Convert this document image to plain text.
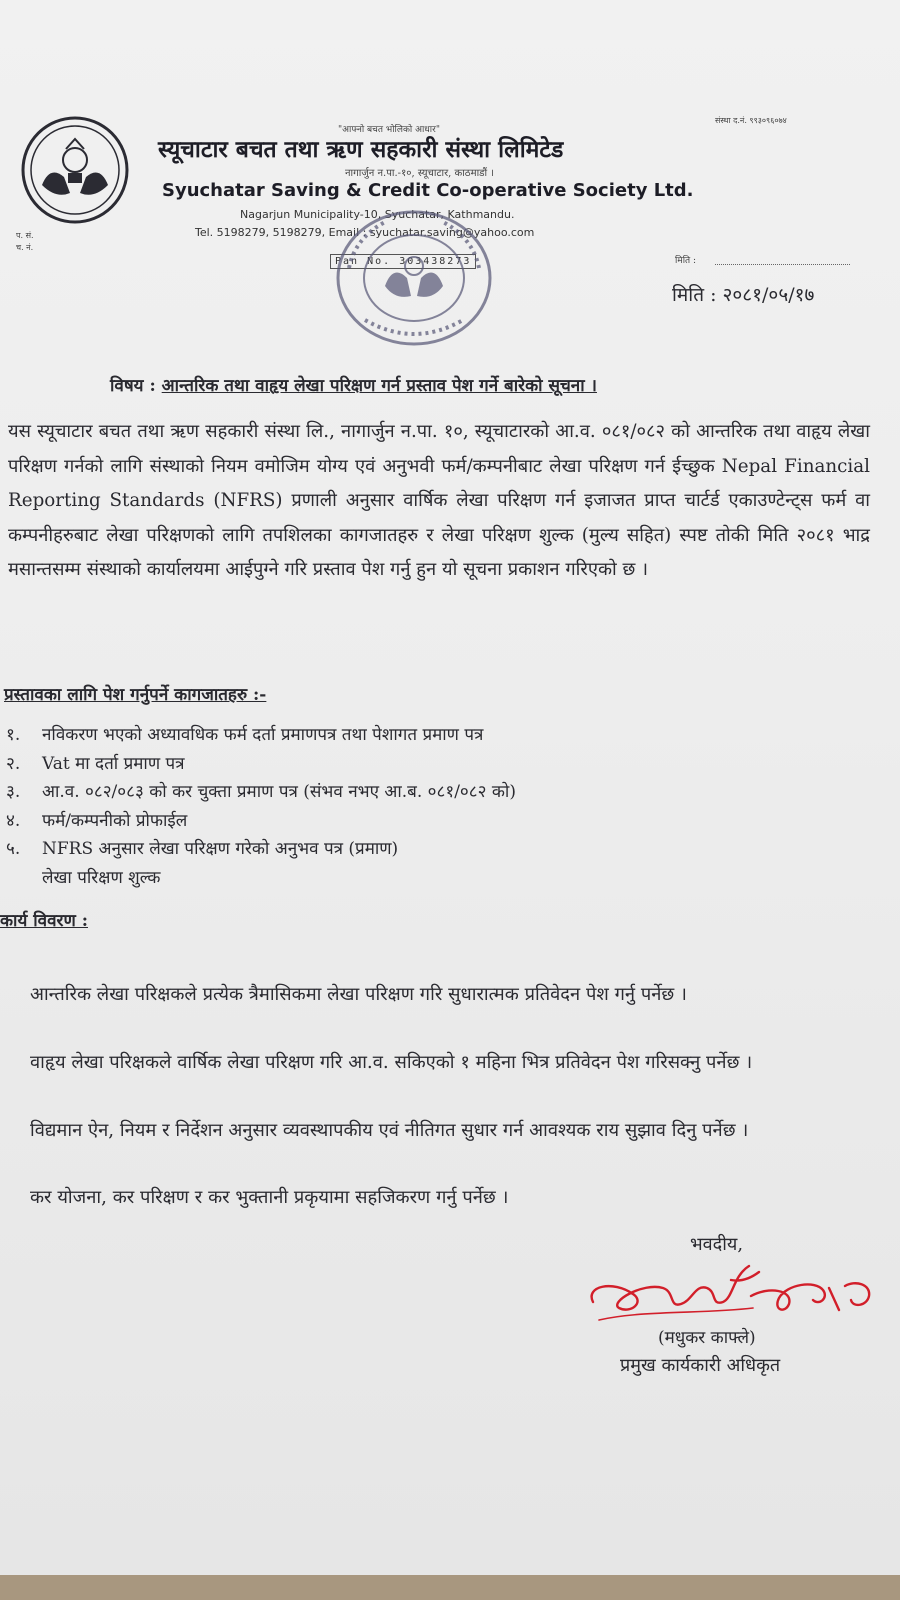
"आफ्नो बचत भोलिको आधार"
संस्था द.नं. ९९३०९६०७४
स्यूचाटार बचत तथा ऋण सहकारी संस्था लिमिटेड
नागार्जुन न.पा.-१०, स्यूचाटार, काठमाडौं ।
Syuchatar Saving & Credit Co-operative Society Ltd.
Nagarjun Municipality-10, Syuchatar, Kathmandu.
Tel. 5198279, 5198279, Email : syuchatar.saving@yahoo.com
प. सं.
च. नं.
Pan No. 303438273	मिति :
मिति : २०८१/०५/१७
विषय : आन्तरिक तथा वाहृय लेखा परिक्षण गर्न प्रस्ताव पेश गर्ने बारेको सूचना ।
यस स्यूचाटार बचत तथा ऋण सहकारी संस्था लि., नागार्जुन न.पा. १०, स्यूचाटारको आ.व. ०८१/०८२ को आन्तरिक तथा वाहृय लेखा परिक्षण गर्नको लागि संस्थाको नियम वमोजिम योग्य एवं अनुभवी फर्म/कम्पनीबाट लेखा परिक्षण गर्न ईच्छुक Nepal Financial Reporting Standards (NFRS) प्रणाली अनुसार वार्षिक लेखा परिक्षण गर्न इजाजत प्राप्त चार्टर्ड एकाउण्टेन्ट्स फर्म वा कम्पनीहरुबाट लेखा परिक्षणको लागि तपशिलका कागजातहरु र लेखा परिक्षण शुल्क (मुल्य सहित) स्पष्ट तोकी मिति २०८१ भाद्र मसान्तसम्म संस्थाको कार्यालयमा आईपुग्ने गरि प्रस्ताव पेश गर्नु हुन यो सूचना प्रकाशन गरिएको छ ।
प्रस्तावका लागि पेश गर्नुपर्ने कागजातहरु :-
१.	नविकरण भएको अध्यावधिक फर्म दर्ता प्रमाणपत्र तथा पेशागत प्रमाण पत्र
२.	Vat मा दर्ता प्रमाण पत्र
३.	आ.व. ०८२/०८३ को कर चुक्ता प्रमाण पत्र (संभव नभए आ.ब. ०८१/०८२ को)
४.	फर्म/कम्पनीको प्रोफाईल
५.	NFRS अनुसार लेखा परिक्षण गरेको अनुभव पत्र (प्रमाण)
लेखा परिक्षण शुल्क
कार्य विवरण :
आन्तरिक लेखा परिक्षकले प्रत्येक त्रैमासिकमा लेखा परिक्षण गरि सुधारात्मक प्रतिवेदन पेश गर्नु पर्नेछ ।
वाहृय लेखा परिक्षकले वार्षिक लेखा परिक्षण गरि आ.व. सकिएको १ महिना भित्र प्रतिवेदन पेश गरिसक्नु पर्नेछ ।
विद्यमान ऐन, नियम र निर्देशन अनुसार व्यवस्थापकीय एवं नीतिगत सुधार गर्न आवश्यक राय सुझाव दिनु पर्नेछ ।
कर योजना, कर परिक्षण र कर भुक्तानी प्रकृयामा सहजिकरण गर्नु पर्नेछ ।
भवदीय,
(मधुकर काफ्ले)
प्रमुख कार्यकारी अधिकृत
